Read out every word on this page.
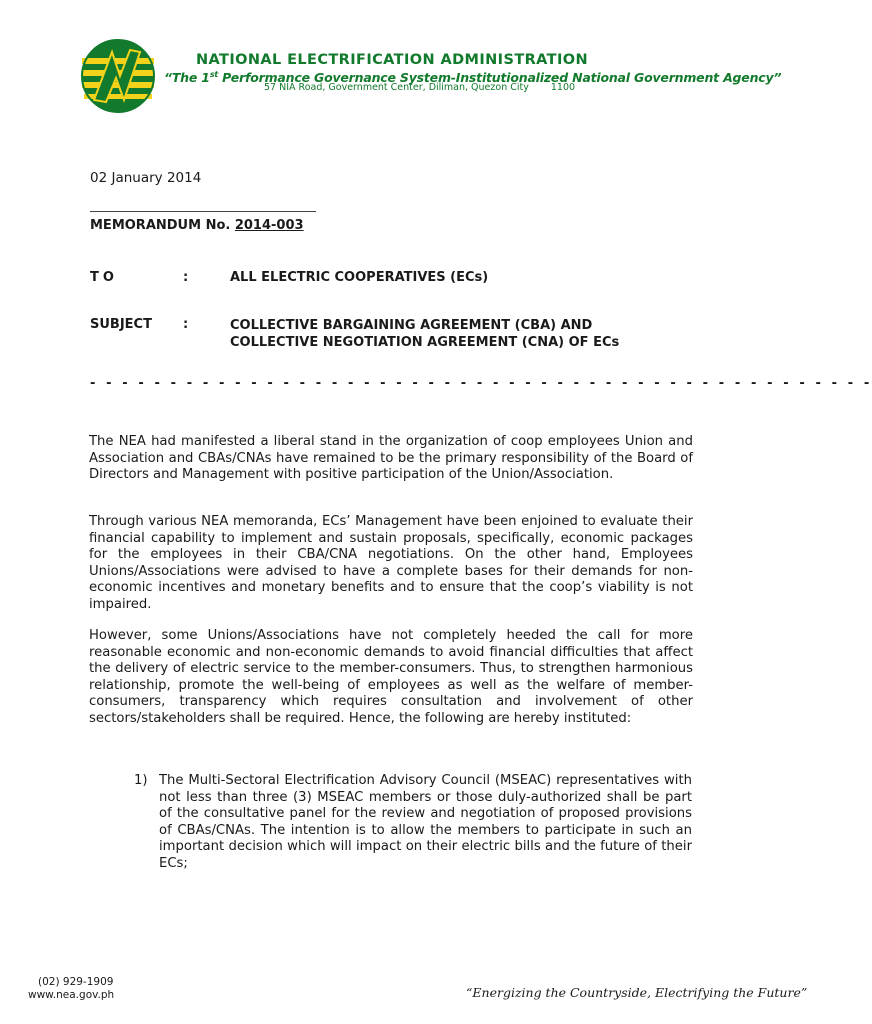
NATIONAL ELECTRIFICATION ADMINISTRATION
“The 1st Performance Governance System-Institutionalized National Government Agency”
57 NIA Road, Government Center, Diliman, Quezon City 1100
02 January 2014
MEMORANDUM No. 2014-003
TO	:	ALL ELECTRIC COOPERATIVES (ECs)
SUBJECT :	COLLECTIVE BARGAINING AGREEMENT (CBA) AND
COLLECTIVE NEGOTIATION AGREEMENT (CNA) OF ECs
- - - - - - - - - - - - - - - - - - - - - - - - - - - - - - - - - - - - - - - - - - - - - - - - -

The NEA had manifested a liberal stand in the organization of coop employees Union and Association and CBAs/CNAs have remained to be the primary responsibility of the Board of Directors and Management with positive participation of the Union/Association.

Through various NEA memoranda, ECs’ Management have been enjoined to evaluate their financial capability to implement and sustain proposals, specifically, economic packages for the employees in their CBA/CNA negotiations. On the other hand, Employees Unions/Associations were advised to have a complete bases for their demands for non-economic incentives and monetary benefits and to ensure that the coop’s viability is not impaired.

However, some Unions/Associations have not completely heeded the call for more reasonable economic and non-economic demands to avoid financial difficulties that affect the delivery of electric service to the member-consumers. Thus, to strengthen harmonious relationship, promote the well-being of employees as well as the welfare of member-consumers, transparency which requires consultation and involvement of other sectors/stakeholders shall be required. Hence, the following are hereby instituted:

1) The Multi-Sectoral Electrification Advisory Council (MSEAC) representatives with not less than three (3) MSEAC members or those duly-authorized shall be part of the consultative panel for the review and negotiation of proposed provisions of CBAs/CNAs. The intention is to allow the members to participate in such an important decision which will impact on their electric bills and the future of their ECs;

(02) 929-1909
www.nea.gov.ph	“Energizing the Countryside, Electrifying the Future”
